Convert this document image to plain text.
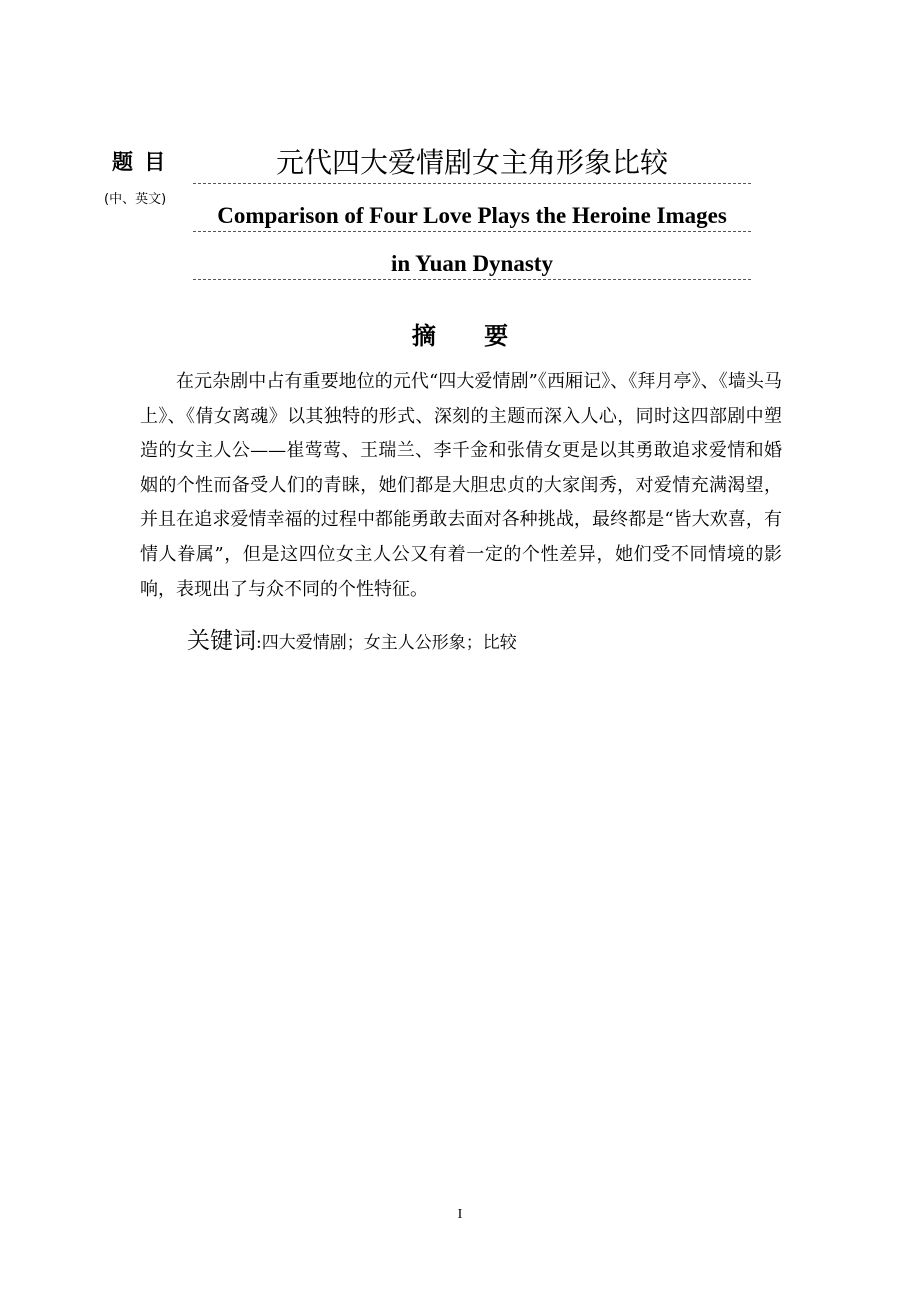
题 目
(中、英文)
元代四大爱情剧女主角形象比较
Comparison of Four Love Plays the Heroine Images
in Yuan Dynasty
摘 要
在元杂剧中占有重要地位的元代“四大爱情剧”《西厢记》、《拜月亭》、《墙头马上》、《倩女离魂》以其独特的形式、深刻的主题而深入人心，同时这四部剧中塑造的女主人公——崔莺莺、王瑞兰、李千金和张倩女更是以其勇敢追求爱情和婚姻的个性而备受人们的青睐，她们都是大胆忠贞的大家闺秀，对爱情充满渴望，并且在追求爱情幸福的过程中都能勇敢去面对各种挑战，最终都是“皆大欢喜，有情人眷属”，但是这四位女主人公又有着一定的个性差异，她们受不同情境的影响，表现出了与众不同的个性特征。
关键词:四大爱情剧；女主人公形象；比较
I
